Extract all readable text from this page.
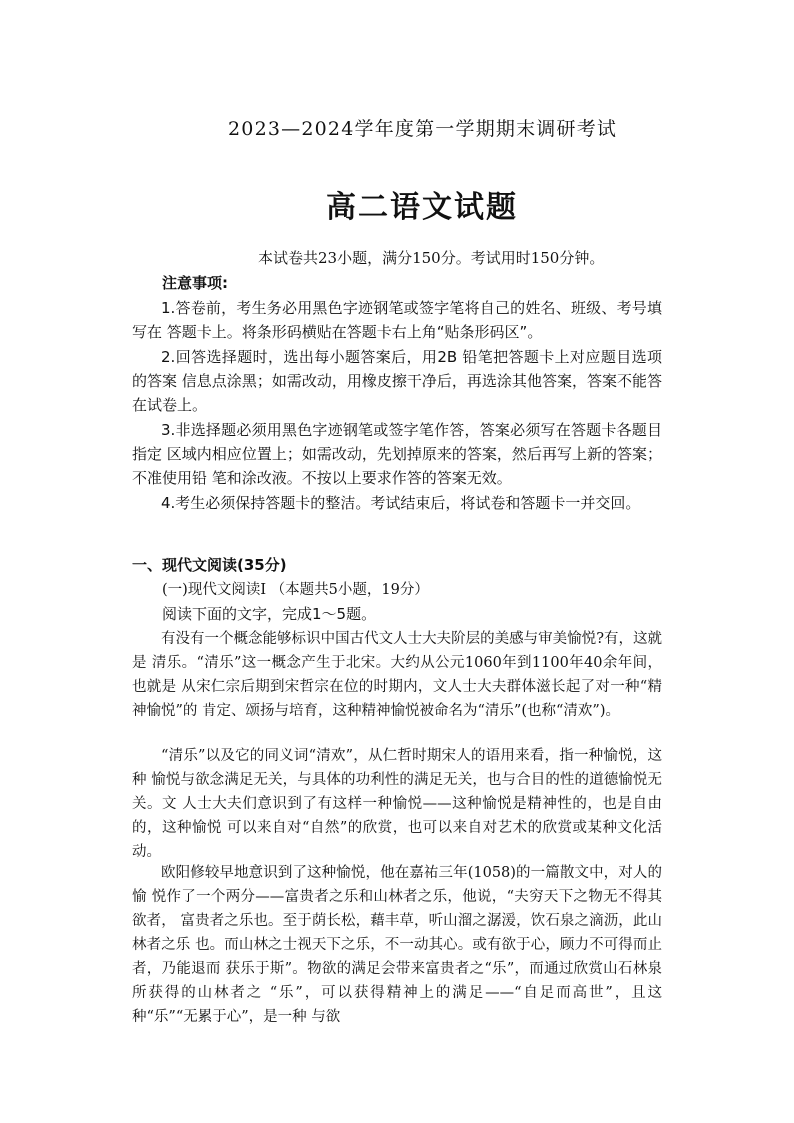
2023—2024学年度第一学期期末调研考试
高二语文试题

本试卷共23小题，满分150分。考试用时150分钟。

注意事项:

1.答卷前，考生务必用黑色字迹钢笔或签字笔将自己的姓名、班级、考号填写在 答题卡上。将条形码横贴在答题卡右上角“贴条形码区”。

2.回答选择题时，选出每小题答案后，用2B 铅笔把答题卡上对应题目选项的答案 信息点涂黑；如需改动，用橡皮擦干净后，再选涂其他答案，答案不能答在试卷上。

3.非选择题必须用黑色字迹钢笔或签字笔作答，答案必须写在答题卡各题目指定 区域内相应位置上；如需改动，先划掉原来的答案，然后再写上新的答案；不准使用铅 笔和涂改液。不按以上要求作答的答案无效。

4.考生必须保持答题卡的整洁。考试结束后，将试卷和答题卡一并交回。

一、现代文阅读(35分)

(一)现代文阅读I （本题共5小题，19分）

阅读下面的文字，完成1～5题。

有没有一个概念能够标识中国古代文人士大夫阶层的美感与审美愉悦?有，这就是 清乐。“清乐”这一概念产生于北宋。大约从公元1060年到1100年40余年间，也就是 从宋仁宗后期到宋哲宗在位的时期内，文人士大夫群体滋长起了对一种“精神愉悦”的 肯定、颂扬与培育，这种精神愉悦被命名为“清乐”(也称“清欢”)。

“清乐”以及它的同义词“清欢”，从仁哲时期宋人的语用来看，指一种愉悦，这种 愉悦与欲念满足无关，与具体的功利性的满足无关，也与合目的性的道德愉悦无关。文 人士大夫们意识到了有这样一种愉悦——这种愉悦是精神性的，也是自由的，这种愉悦 可以来自对“自然”的欣赏，也可以来自对艺术的欣赏或某种文化活动。

欧阳修较早地意识到了这种愉悦，他在嘉祐三年(1058)的一篇散文中，对人的愉 悦作了一个两分——富贵者之乐和山林者之乐，他说，“夫穷天下之物无不得其欲者， 富贵者之乐也。至于荫长松，藉丰草，听山溜之潺湲，饮石泉之滴沥，此山林者之乐 也。而山林之士视天下之乐，不一动其心。或有欲于心，顾力不可得而止者，乃能退而 获乐于斯”。物欲的满足会带来富贵者之“乐”，而通过欣赏山石林泉所获得的山林者之 “乐”，可以获得精神上的满足——“自足而高世”，且这种“乐”“无累于心”，是一种 与欲
